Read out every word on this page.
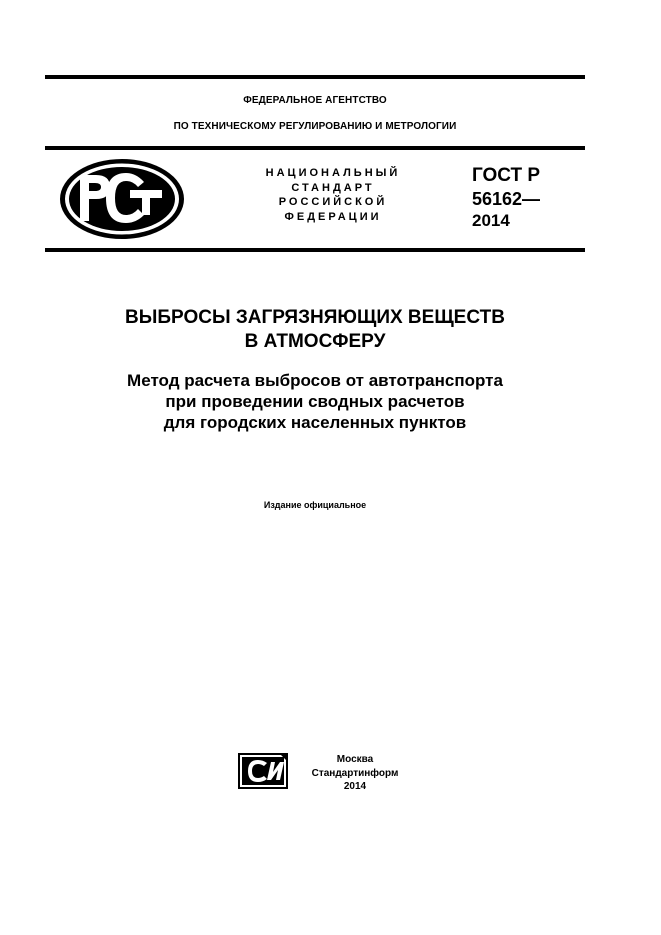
ФЕДЕРАЛЬНОЕ АГЕНТСТВО
ПО ТЕХНИЧЕСКОМУ РЕГУЛИРОВАНИЮ И МЕТРОЛОГИИ
НАЦИОНАЛЬНЫЙ
СТАНДАРТ
РОССИЙСКОЙ
ФЕДЕРАЦИИ
ГОСТ Р
56162—
2014
ВЫБРОСЫ ЗАГРЯЗНЯЮЩИХ ВЕЩЕСТВ
В АТМОСФЕРУ
Метод расчета выбросов от автотранспорта
при проведении сводных расчетов
для городских населенных пунктов
Издание официальное
Москва
Стандартинформ
2014
